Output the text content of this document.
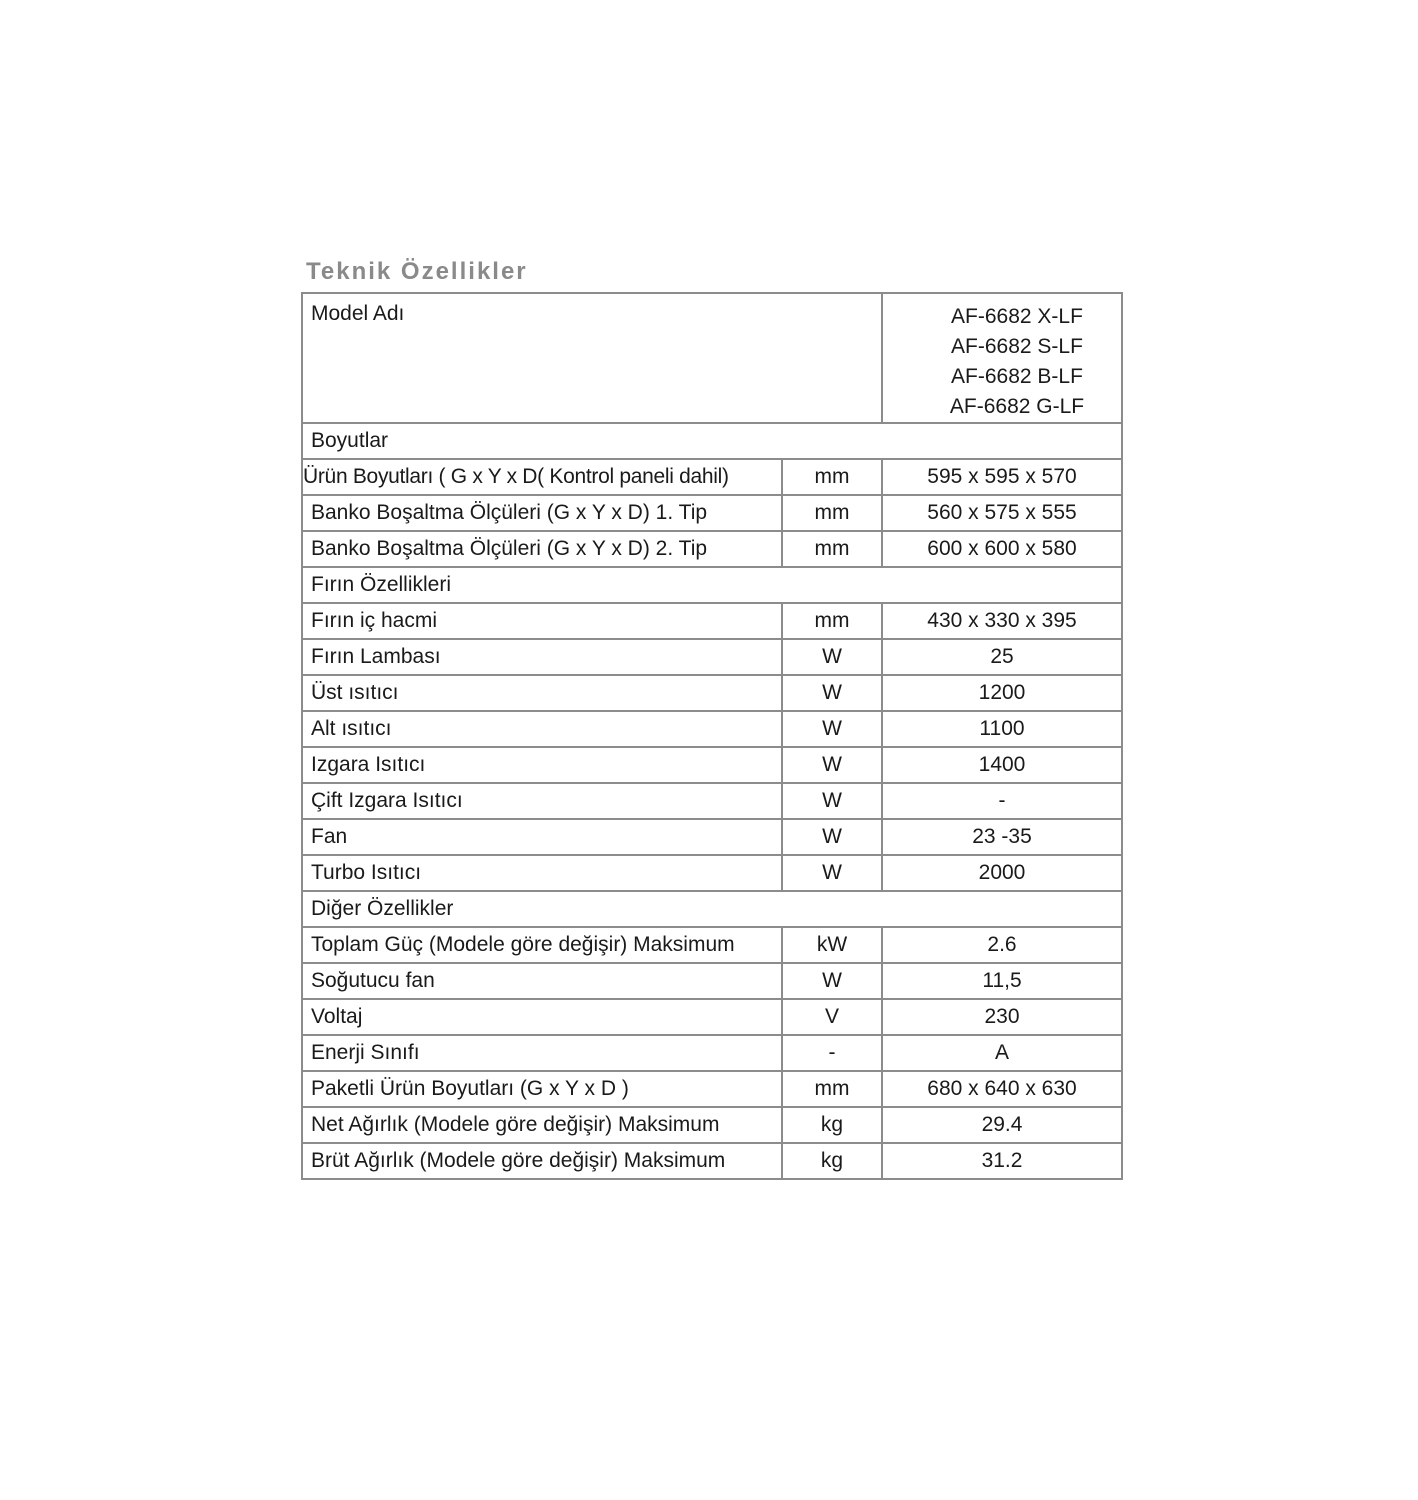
Teknik Özellikler
Model Adı		AF-6682 X-LF
AF-6682 S-LF
AF-6682 B-LF
AF-6682 G-LF

Boyutlar		
Ürün Boyutları ( G x Y x D( Kontrol paneli dahil)	mm	595 x 595 x 570
Banko Boşaltma Ölçüleri (G x Y x D) 1. Tip	mm	560 x 575 x 555
Banko Boşaltma Ölçüleri (G x Y x D) 2. Tip	mm	600 x 600 x 580
Fırın Özellikleri		
Fırın iç hacmi	mm	430 x 330 x 395
Fırın Lambası	W	25
Üst ısıtıcı	W	1200
Alt ısıtıcı	W	1100
Izgara Isıtıcı	W	1400
Çift Izgara Isıtıcı	W	-
Fan	W	23 -35
Turbo Isıtıcı	W	2000
Diğer Özellikler		
Toplam Güç (Modele göre değişir) Maksimum	kW	2.6
Soğutucu fan	W	11,5
Voltaj	V	230
Enerji Sınıfı	-	A
Paketli Ürün Boyutları (G x Y x D )	mm	680 x 640 x 630
Net Ağırlık (Modele göre değişir) Maksimum	kg	29.4
Brüt Ağırlık (Modele göre değişir) Maksimum	kg	31.2
